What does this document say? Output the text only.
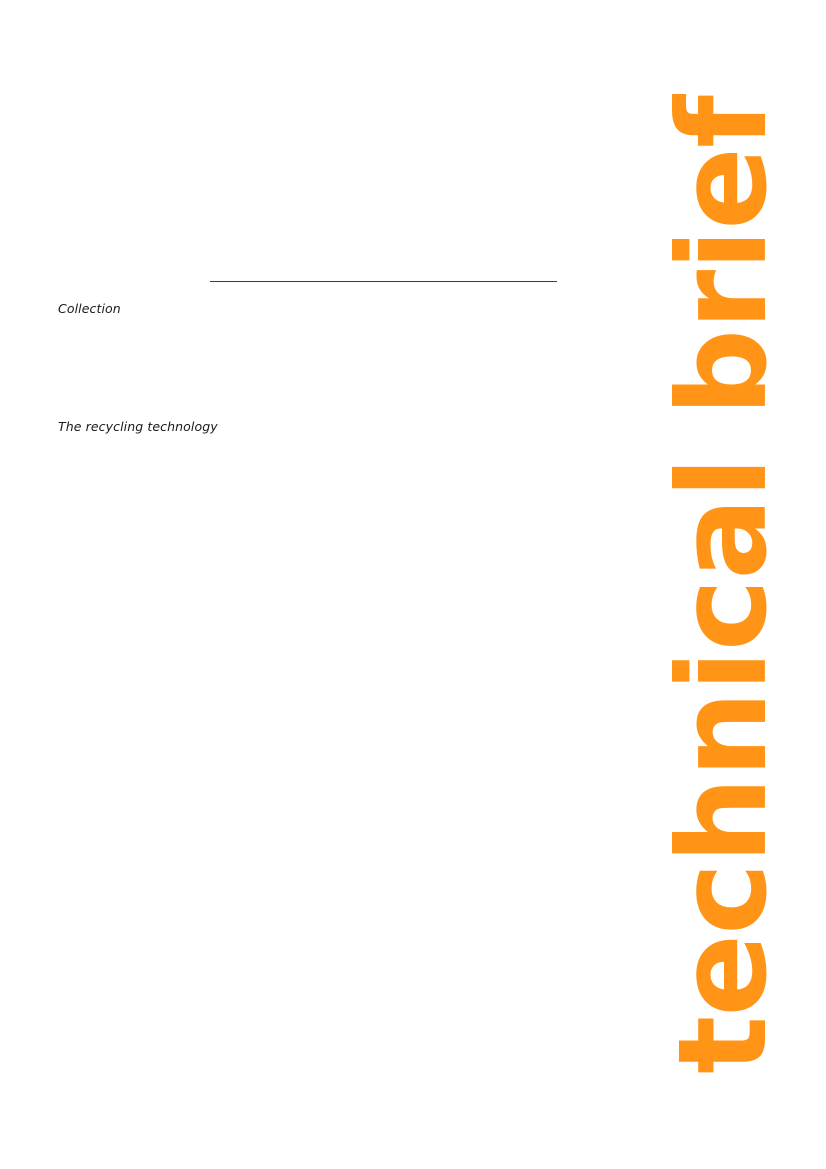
Collection
The recycling technology	technical brief
